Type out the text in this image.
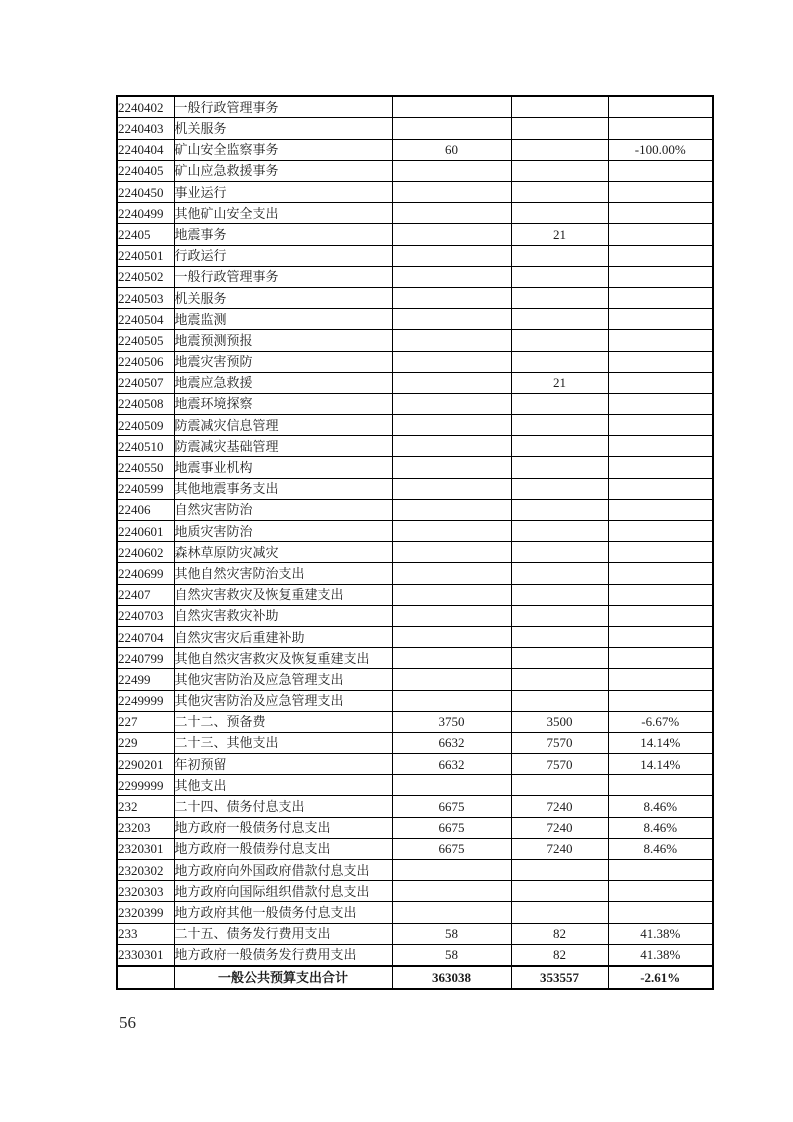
2240402	一般行政管理事务			
2240403	机关服务			
2240404	矿山安全监察事务	60		-100.00%
2240405	矿山应急救援事务			
2240450	事业运行			
2240499	其他矿山安全支出			
22405	地震事务		21	
2240501	行政运行			
2240502	一般行政管理事务			
2240503	机关服务			
2240504	地震监测			
2240505	地震预测预报			
2240506	地震灾害预防			
2240507	地震应急救援		21	
2240508	地震环境探察			
2240509	防震减灾信息管理			
2240510	防震减灾基础管理			
2240550	地震事业机构			
2240599	其他地震事务支出			
22406	自然灾害防治			
2240601	地质灾害防治			
2240602	森林草原防灾减灾			
2240699	其他自然灾害防治支出			
22407	自然灾害救灾及恢复重建支出			
2240703	自然灾害救灾补助			
2240704	自然灾害灾后重建补助			
2240799	其他自然灾害救灾及恢复重建支出			
22499	其他灾害防治及应急管理支出			
2249999	其他灾害防治及应急管理支出			
227	二十二、预备费	3750	3500	-6.67%
229	二十三、其他支出	6632	7570	14.14%
2290201	年初预留	6632	7570	14.14%
2299999	其他支出			
232	二十四、债务付息支出	6675	7240	8.46%
23203	地方政府一般债务付息支出	6675	7240	8.46%
2320301	地方政府一般债券付息支出	6675	7240	8.46%
2320302	地方政府向外国政府借款付息支出			
2320303	地方政府向国际组织借款付息支出			
2320399	地方政府其他一般债务付息支出			
233	二十五、债务发行费用支出	58	82	41.38%
2330301	地方政府一般债务发行费用支出	58	82	41.38%
	一般公共预算支出合计	363038	353557	-2.61%
56
